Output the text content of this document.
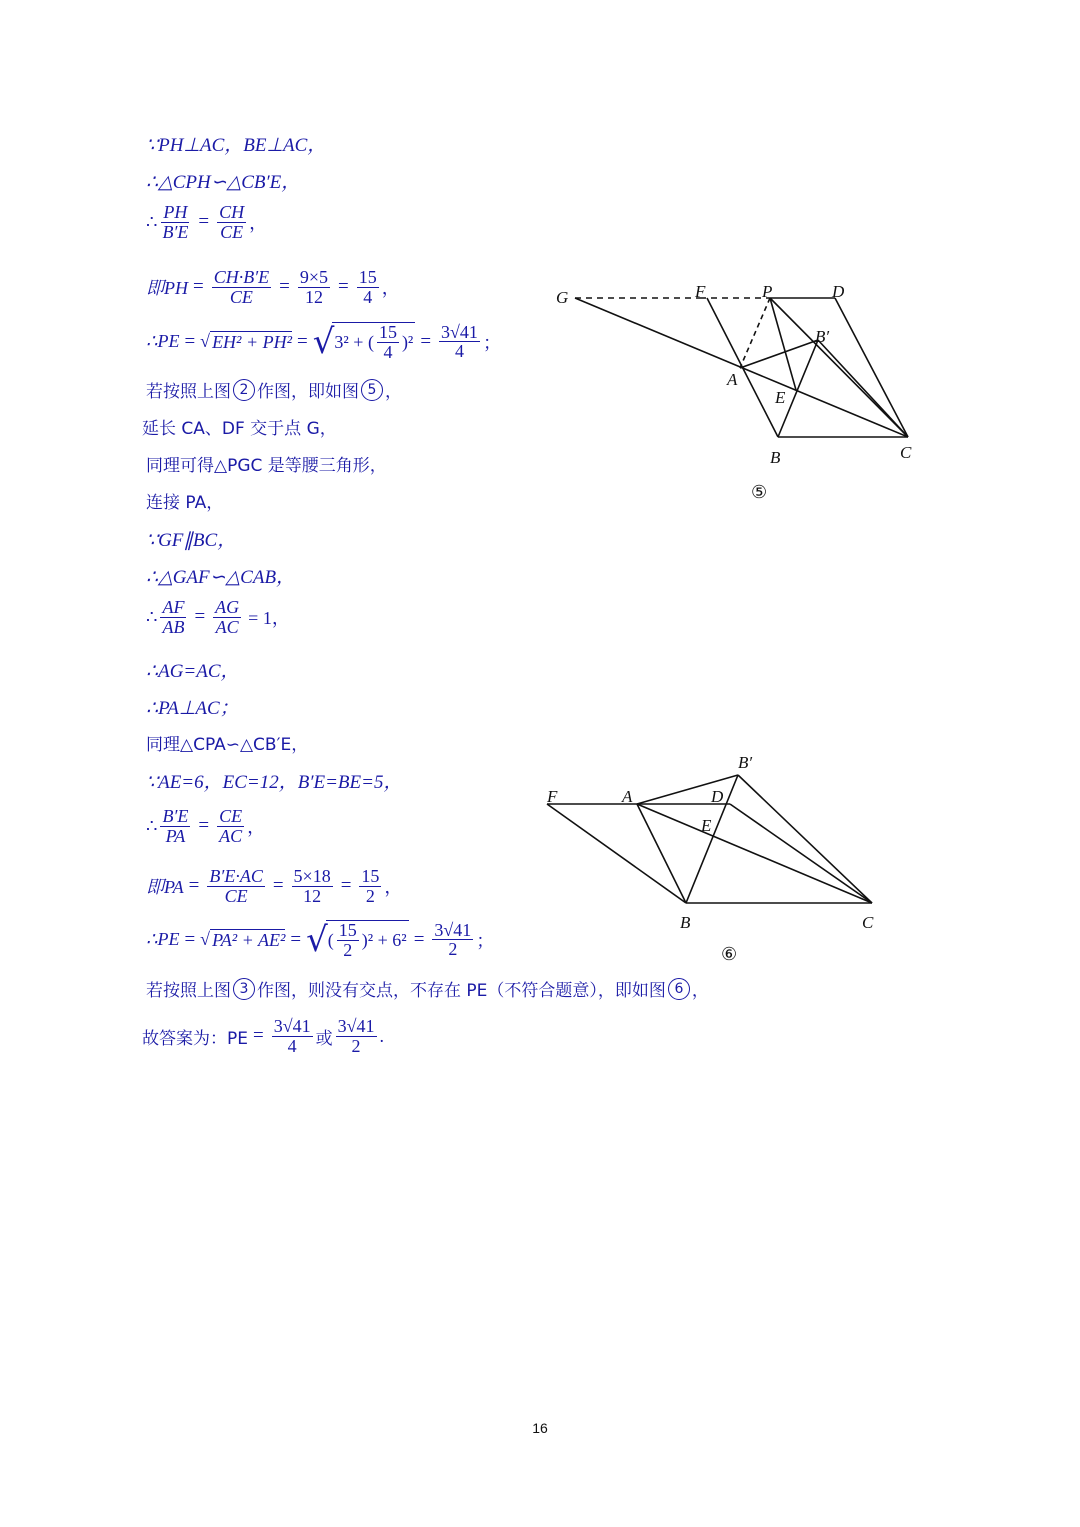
∵PH⊥AC，BE⊥AC，
∴△CPH∽△CB′E，
∴ $\frac{PH}{B'E} = \frac{CH}{CE}$ ，
即PH = $\frac{CH\cdot B'E}{CE} = \frac{9\times 5}{12} = \frac{15}{4}$ ，
∴PE = √ EH² + PH² = √ 3² + ( $\frac{15}{4} )^2 = \frac{3√41}{4}$ ；
若按照上图 2 作图，即如图 5 ，
延长 CA、DF 交于点 G，
同理可得△PGC 是等腰三角形，
连接 PA，
∵GF∥BC，
∴△GAF∽△CAB，
∴ $\frac{AF}{AB} = \frac{AG}{AC} = 1$，
∴AG=AC，
∴PA⊥AC；
同理△CPA∽△CB′E，
∵AE=6，EC=12，B′E=BE=5，
∴ $\frac{B'E}{PA} = \frac{CE}{AC}$ ，
即PA = $\frac{B'E\cdot AC}{CE} = \frac{5\times 18}{12} = \frac{15}{2}$ ，
∴PE = √ PA² + AE² = √ ( $\frac{15}{2} )^2 + 6^2 = \frac{3√41}{2}$ ；
若按照上图 3 作图，则没有交点，不存在 PE（不符合题意），即如图 6 ，
故答案为：PE = $\frac{3√41}{4}$ 或 $\frac{3√41}{2}$ .
G	F	P	D
B′
A
E
B	C
⑤
F	A	D
B′
E
B	C
⑥
16
